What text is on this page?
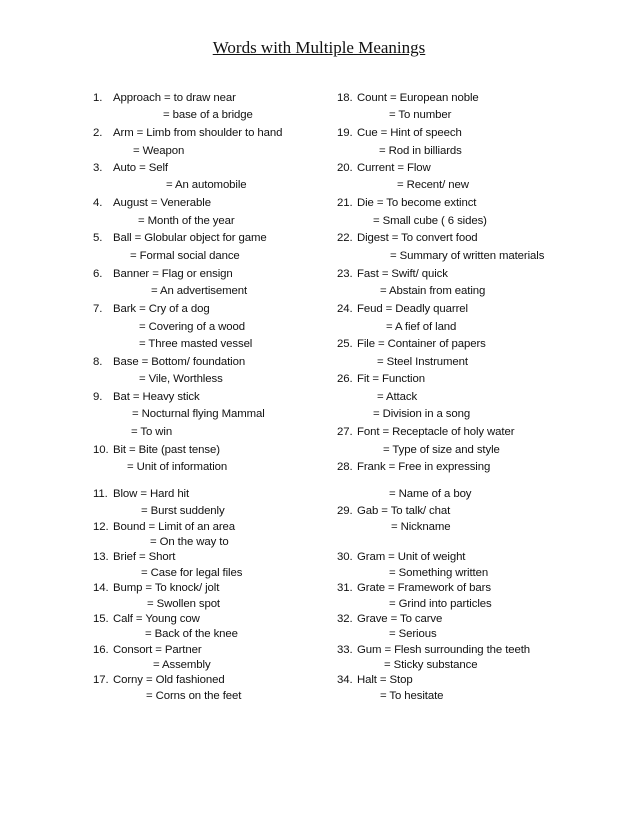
Words with Multiple Meanings
1. Approach = to draw near
= base of a bridge
2. Arm = Limb from shoulder to hand
= Weapon
3. Auto = Self
= An automobile
4. August = Venerable
= Month of the year
5. Ball = Globular object for game
= Formal social dance
6. Banner = Flag or ensign
= An advertisement
7. Bark = Cry of a dog
= Covering of a wood
= Three masted vessel
8. Base = Bottom/ foundation
= Vile, Worthless
9. Bat = Heavy stick
= Nocturnal flying Mammal
= To win
10. Bit = Bite (past tense)
= Unit of information
11. Blow = Hard hit
= Burst suddenly
12. Bound = Limit of an area
= On the way to
13. Brief = Short
= Case for legal files
14. Bump = To knock/ jolt
= Swollen spot
15. Calf = Young cow
= Back of the knee
16. Consort = Partner
= Assembly
17. Corny = Old fashioned
= Corns on the feet
18. Count = European noble
= To number
19. Cue = Hint of speech
= Rod in billiards
20. Current = Flow
= Recent/ new
21. Die = To become extinct
= Small cube ( 6 sides)
22. Digest = To convert food
= Summary of written materials
23. Fast = Swift/ quick
= Abstain from eating
24. Feud = Deadly quarrel
= A fief of land
25. File = Container of papers
= Steel Instrument
26. Fit = Function
= Attack
= Division in a song
27. Font = Receptacle of holy water
= Type of size and style
28. Frank = Free in expressing
= Name of a boy
29. Gab = To talk/ chat
= Nickname
30. Gram = Unit of weight
= Something written
31. Grate = Framework of bars
= Grind into particles
32. Grave = To carve
= Serious
33. Gum = Flesh surrounding the teeth
= Sticky substance
34. Halt = Stop
= To hesitate
